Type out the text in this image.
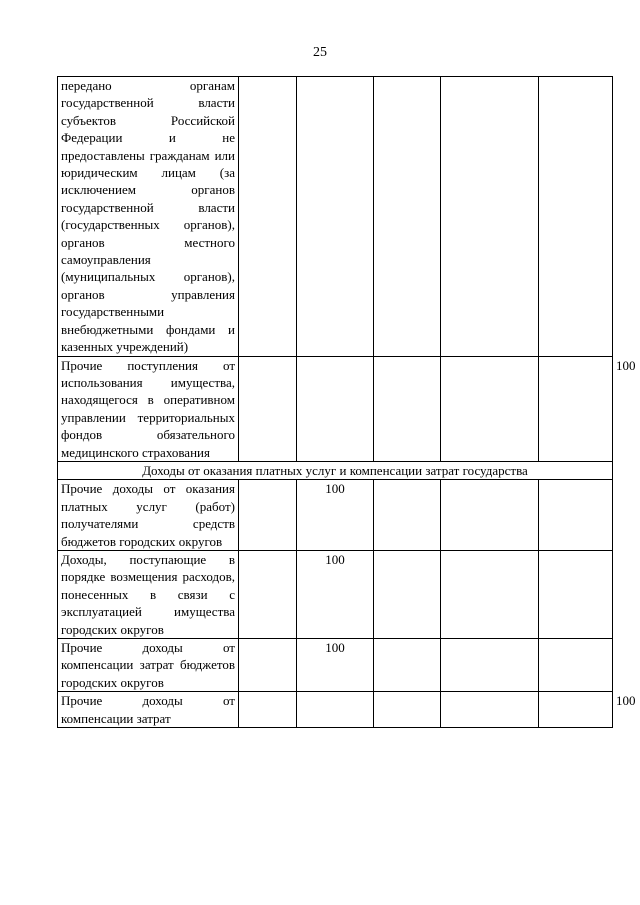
25
передано органам государственной власти субъектов Российской Федерации и не предоставлены гражданам или юридическим лицам (за исключением органов государственной власти (государственных органов), органов местного самоуправления (муниципальных органов), органов управления государственными внебюджетными фондами и казенных учреждений)						
Прочие поступления от использования имущества, находящегося в оперативном управлении территориальных фондов обязательного медицинского страхования						100
Доходы от оказания платных услуг и компенсации затрат государства						
Прочие доходы от оказания платных услуг (работ) получателями средств бюджетов городских округов		100				
Доходы, поступающие в порядке возмещения расходов, понесенных в связи с эксплуатацией имущества городских округов		100				
Прочие доходы от компенсации затрат бюджетов городских округов		100				
Прочие доходы от компенсации затрат						100
